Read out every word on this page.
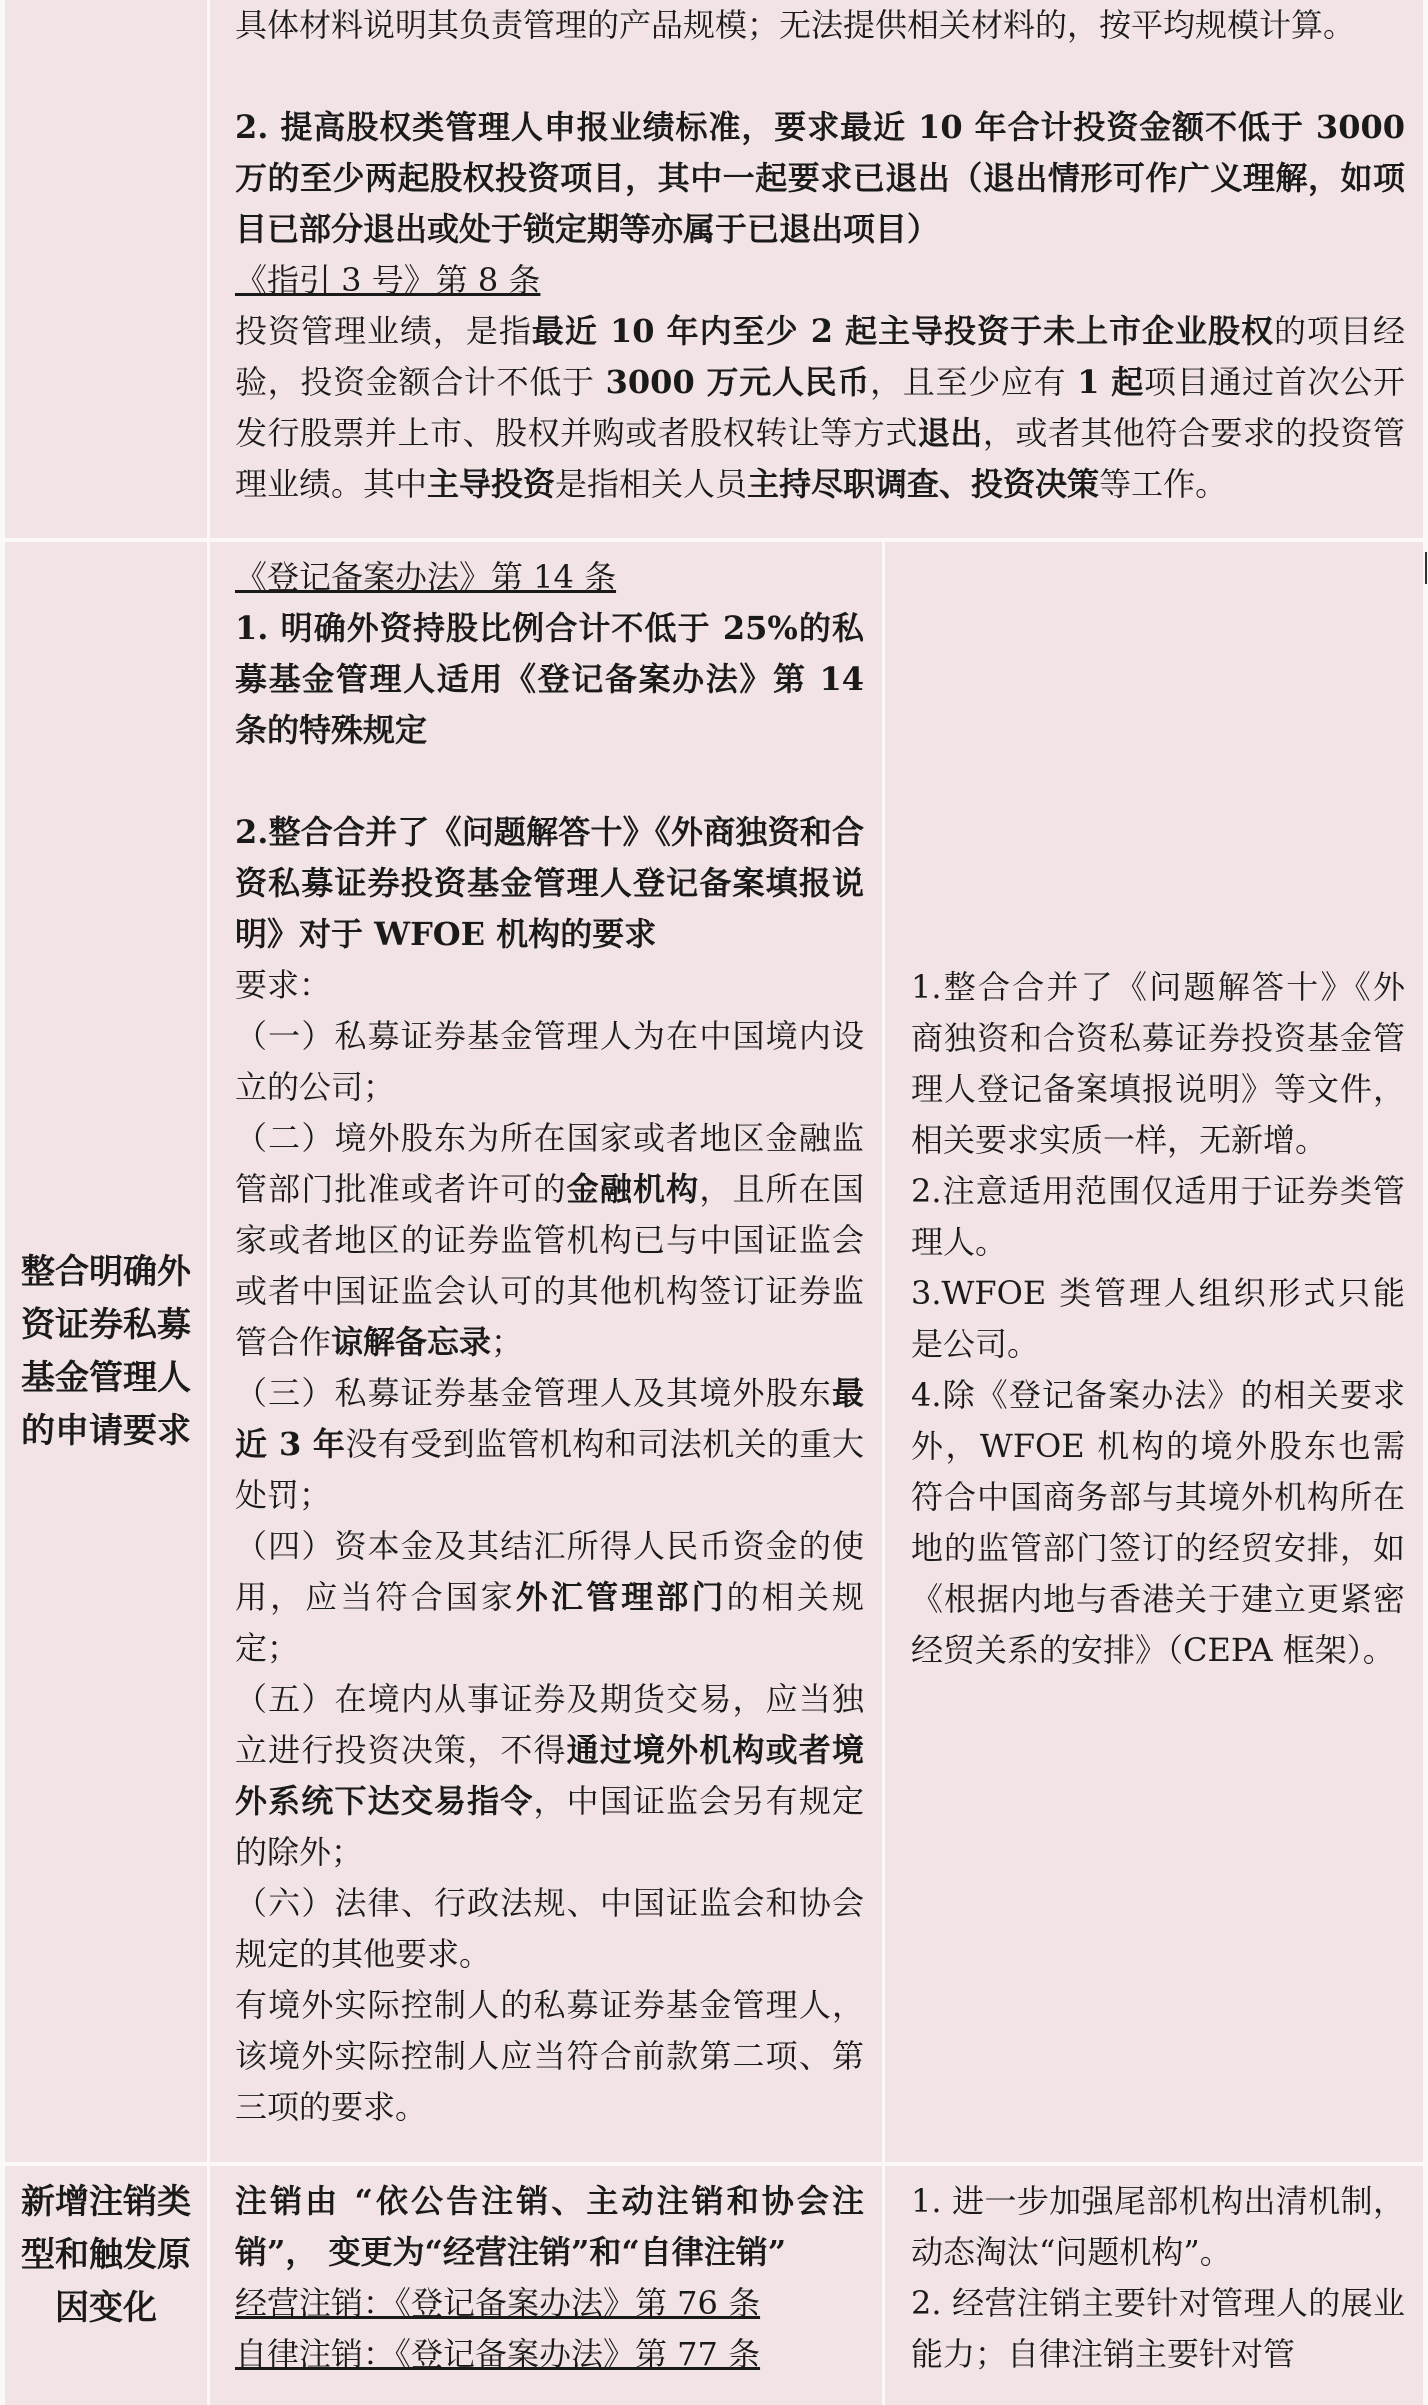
具体材料说明其负责管理的产品规模；无法提供相关材料的，按平均规模计算。

2. 提高股权类管理人申报业绩标准，要求最近 10 年合计投资金额不低于 3000 万的至少两起股权投资项目，其中一起要求已退出（退出情形可作广义理解，如项目已部分退出或处于锁定期等亦属于已退出项目）

《指引 3 号》第 8 条

投资管理业绩，是指最近 10 年内至少 2 起主导投资于未上市企业股权的项目经验，投资金额合计不低于 3000 万元人民币，且至少应有 1 起项目通过首次公开发行股票并上市、股权并购或者股权转让等方式退出，或者其他符合要求的投资管理业绩。其中主导投资是指相关人员主持尽职调查、投资决策等工作。

整合明确外资证券私募基金管理人的申请要求

《登记备案办法》第 14 条

1. 明确外资持股比例合计不低于 25%的私募基金管理人适用《登记备案办法》第 14 条的特殊规定

2.整合合并了《问题解答十》《外商独资和合资私募证券投资基金管理人登记备案填报说明》对于 WFOE 机构的要求

要求：

（一）私募证券基金管理人为在中国境内设立的公司；

（二）境外股东为所在国家或者地区金融监管部门批准或者许可的金融机构，且所在国家或者地区的证券监管机构已与中国证监会或者中国证监会认可的其他机构签订证券监管合作谅解备忘录；

（三）私募证券基金管理人及其境外股东最近 3 年没有受到监管机构和司法机关的重大处罚；

（四）资本金及其结汇所得人民币资金的使用，应当符合国家外汇管理部门的相关规定；

（五）在境内从事证券及期货交易，应当独立进行投资决策，不得通过境外机构或者境外系统下达交易指令，中国证监会另有规定的除外；

（六）法律、行政法规、中国证监会和协会规定的其他要求。

有境外实际控制人的私募证券基金管理人，该境外实际控制人应当符合前款第二项、第三项的要求。

1.整合合并了《问题解答十》《外商独资和合资私募证券投资基金管理人登记备案填报说明》等文件，相关要求实质一样，无新增。

2.注意适用范围仅适用于证券类管理人。

3.WFOE 类管理人组织形式只能是公司。

4.除《登记备案办法》的相关要求外，WFOE 机构的境外股东也需符合中国商务部与其境外机构所在地的监管部门签订的经贸安排，如《根据内地与香港关于建立更紧密经贸关系的安排》（CEPA 框架）。

新增注销类型和触发原因变化

注销由 “依公告注销、主动注销和协会注销”， 变更为“经营注销”和“自律注销”

经营注销：《登记备案办法》第 76 条

自律注销：《登记备案办法》第 77 条

1. 进一步加强尾部机构出清机制，动态淘汰“问题机构”。

2. 经营注销主要针对管理人的展业能力；自律注销主要针对管
